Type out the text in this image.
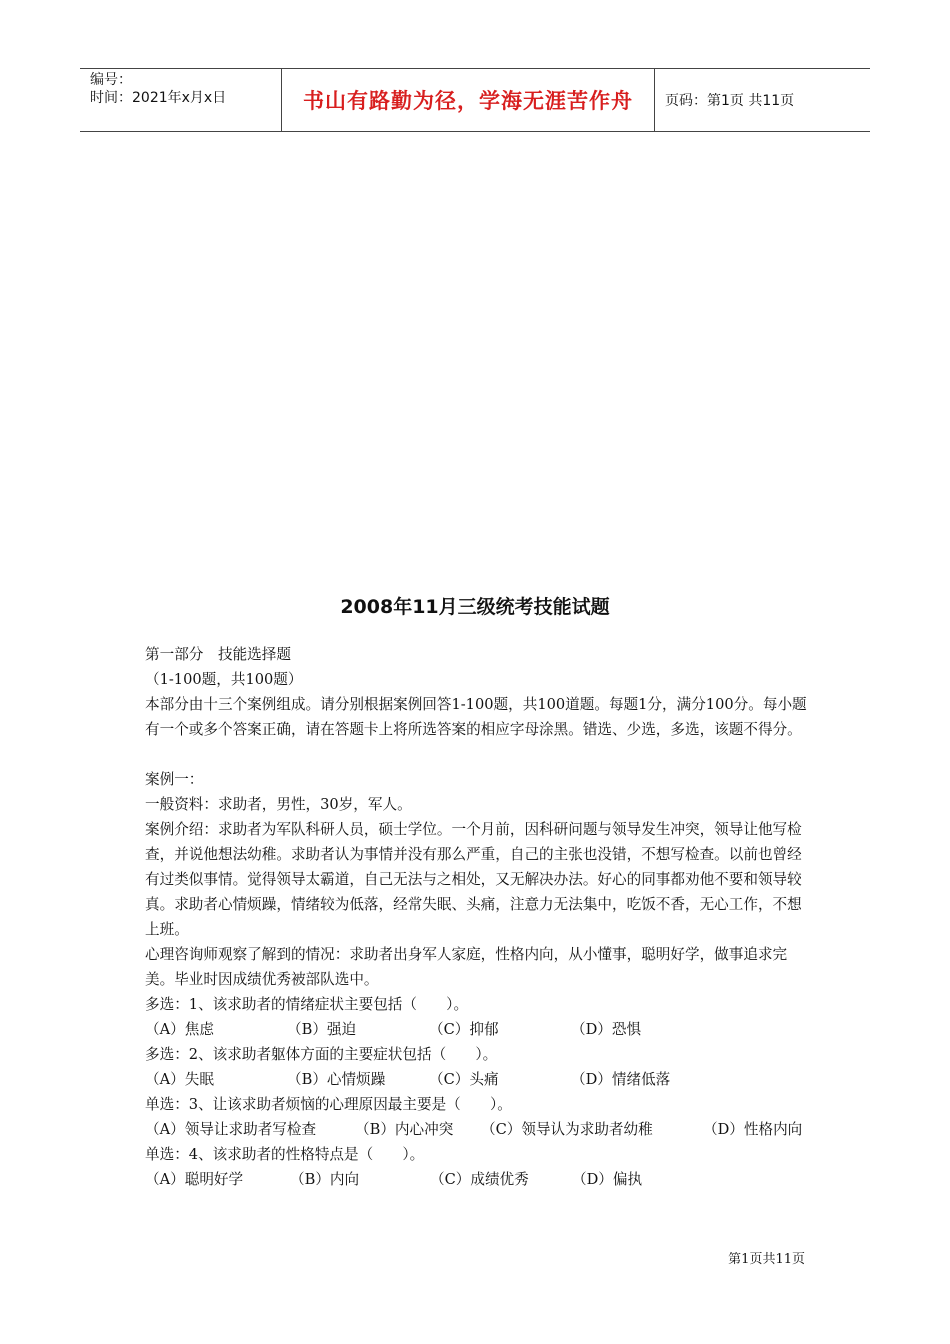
编号：
时间：2021年x月x日	书山有路勤为径，学海无涯苦作舟	页码：第1页 共11页
2008年11月三级统考技能试题

第一部分　技能选择题

（1-100题，共100题）

本部分由十三个案例组成。请分别根据案例回答1-100题，共100道题。每题1分，满分100分。每小题有一个或多个答案正确，请在答题卡上将所选答案的相应字母涂黑。错选、少选，多选，该题不得分。

案例一：

一般资料：求助者，男性，30岁，军人。

案例介绍：求助者为军队科研人员，硕士学位。一个月前，因科研问题与领导发生冲突，领导让他写检查，并说他想法幼稚。求助者认为事情并没有那么严重，自己的主张也没错，不想写检查。以前也曾经有过类似事情。觉得领导太霸道，自己无法与之相处，又无解决办法。好心的同事都劝他不要和领导较真。求助者心情烦躁，情绪较为低落，经常失眠、头痛，注意力无法集中，吃饭不香，无心工作，不想上班。

心理咨询师观察了解到的情况：求助者出身军人家庭，性格内向，从小懂事，聪明好学，做事追求完美。毕业时因成绩优秀被部队选中。

多选：1、该求助者的情绪症状主要包括（　　）。

（A）焦虑	（B）强迫	（C）抑郁	（D）恐惧

多选：2、该求助者躯体方面的主要症状包括（　　）。

（A）失眠	（B）心情烦躁	（C）头痛	（D）情绪低落

单选：3、让该求助者烦恼的心理原因最主要是（　　）。

（A）领导让求助者写检查	（B）内心冲突	（C）领导认为求助者幼稚	（D）性格内向

单选：4、该求助者的性格特点是（　　）。

（A）聪明好学	（B）内向	（C）成绩优秀	（D）偏执
第1页共11页
